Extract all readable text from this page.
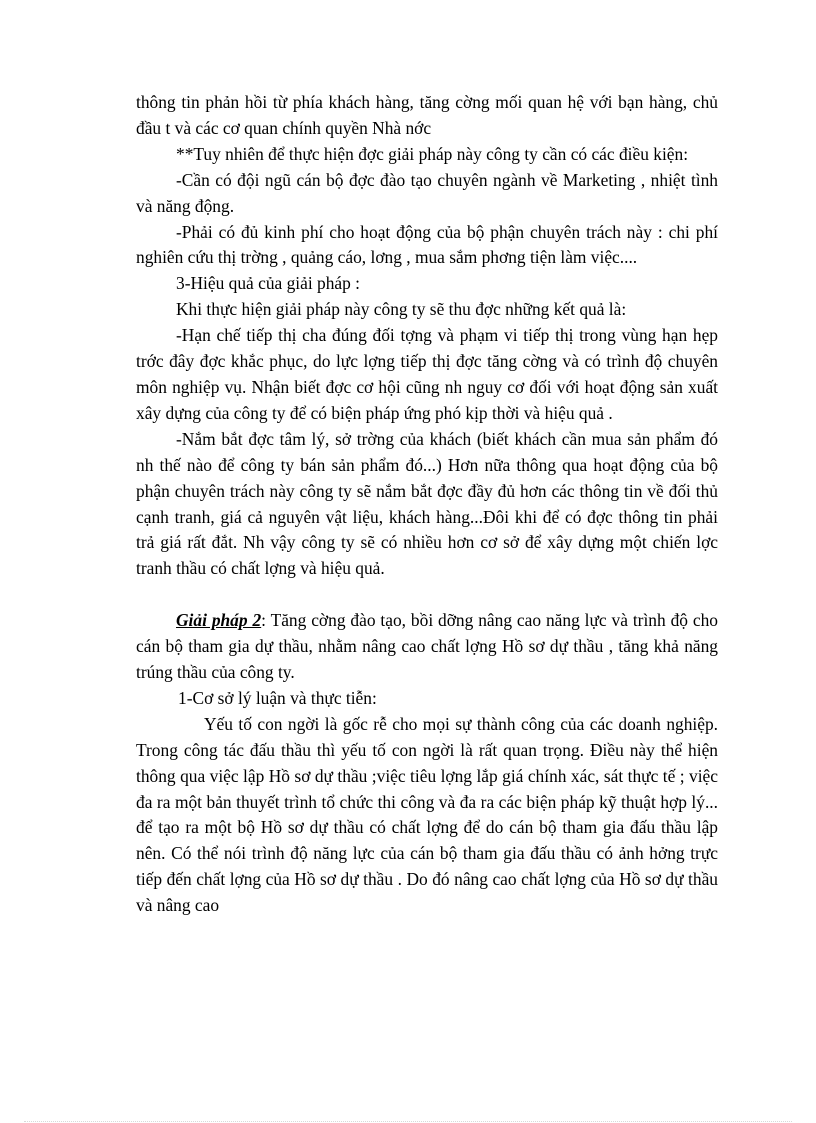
thông tin phản hồi từ phía khách hàng, tăng cờng mối quan hệ với bạn hàng, chủ đầu t và các cơ quan chính quyền Nhà nớc

**Tuy nhiên để thực hiện đợc giải pháp này công ty cần có các điều kiện:

-Cần có đội ngũ cán bộ đợc đào tạo chuyên ngành về Marketing , nhiệt tình và năng động.

-Phải có đủ kinh phí cho hoạt động của bộ phận chuyên trách này : chi phí nghiên cứu thị trờng , quảng cáo, lơng , mua sắm phơng tiện làm việc....

3-Hiệu quả của giải pháp :

Khi thực hiện giải pháp này công ty sẽ thu đợc những kết quả là:

-Hạn chế tiếp thị cha đúng đối tợng và phạm vi tiếp thị trong vùng hạn hẹp trớc đây đợc khắc phục, do lực lợng tiếp thị đợc tăng cờng và có trình độ chuyên môn nghiệp vụ. Nhận biết đợc cơ hội cũng nh nguy cơ đối với hoạt động sản xuất xây dựng của công ty để có biện pháp ứng phó kịp thời và hiệu quả .

-Nắm bắt đợc tâm lý, sở trờng của khách (biết khách cần mua sản phẩm đó nh thế nào để công ty bán sản phẩm đó...) Hơn nữa thông qua hoạt động của bộ phận chuyên trách này công ty sẽ nắm bắt đợc đầy đủ hơn các thông tin về đối thủ cạnh tranh, giá cả nguyên vật liệu, khách hàng...Đôi khi để có đợc thông tin phải trả giá rất đắt. Nh vậy công ty sẽ có nhiều hơn cơ sở để xây dựng một chiến lợc tranh thầu có chất lợng và hiệu quả.

Giải pháp 2: Tăng cờng đào tạo, bồi dỡng nâng cao năng lực và trình độ cho cán bộ tham gia dự thầu, nhằm nâng cao chất lợng Hồ sơ dự thầu , tăng khả năng trúng thầu của công ty.

1-Cơ sở lý luận và thực tiễn:

Yếu tố con ngời là gốc rễ cho mọi sự thành công của các doanh nghiệp. Trong công tác đấu thầu thì yếu tố con ngời là rất quan trọng. Điều này thể hiện thông qua việc lập Hồ sơ dự thầu ;việc tiêu lợng lắp giá chính xác, sát thực tế ; việc đa ra một bản thuyết trình tổ chức thi công và đa ra các biện pháp kỹ thuật hợp lý... để tạo ra một bộ Hồ sơ dự thầu có chất lợng để do cán bộ tham gia đấu thầu lập nên. Có thể nói trình độ năng lực của cán bộ tham gia đấu thầu có ảnh hởng trực tiếp đến chất lợng của Hồ sơ dự thầu . Do đó nâng cao chất lợng của Hồ sơ dự thầu và nâng cao
